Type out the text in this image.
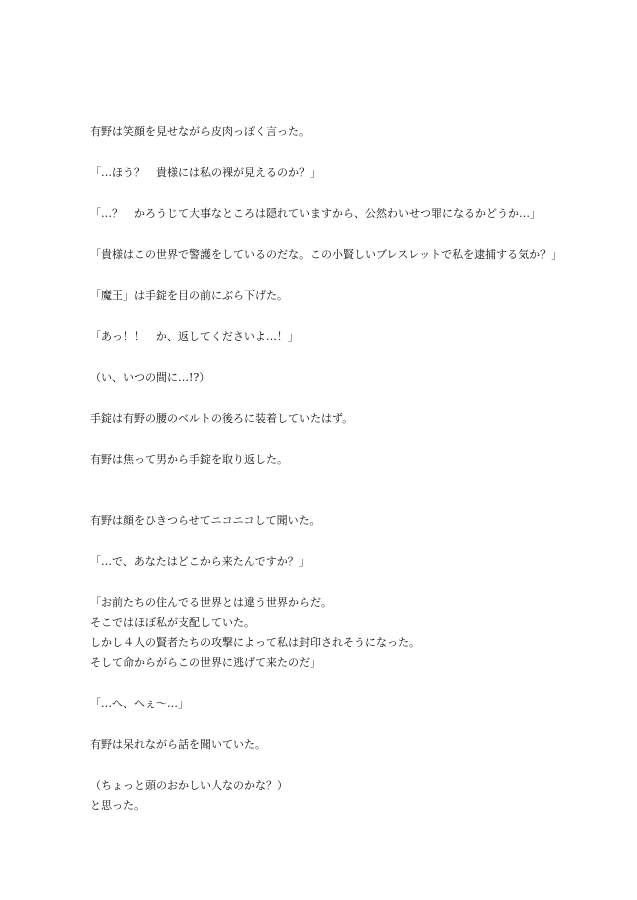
有野は笑顔を見せながら皮肉っぽく言った。

「…ほう？　貴様には私の裸が見えるのか？」

「…？　かろうじて大事なところは隠れていますから、公然わいせつ罪になるかどうか…」

「貴様はこの世界で警護をしているのだな。この小賢しいブレスレットで私を逮捕する気か？」

「魔王」は手錠を目の前にぶら下げた。

「あっ！！　か、返してくださいよ…！」

（い、いつの間に…!?）

手錠は有野の腰のベルトの後ろに装着していたはず。

有野は焦って男から手錠を取り返した。

有野は顔をひきつらせてニコニコして聞いた。

「…で、あなたはどこから来たんですか？」

「お前たちの住んでる世界とは違う世界からだ。
そこではほぼ私が支配していた。
しかし４人の賢者たちの攻撃によって私は封印されそうになった。
そして命からがらこの世界に逃げて来たのだ」

「…へ、へぇ〜…」

有野は呆れながら話を聞いていた。

（ちょっと頭のおかしい人なのかな？）
と思った。
